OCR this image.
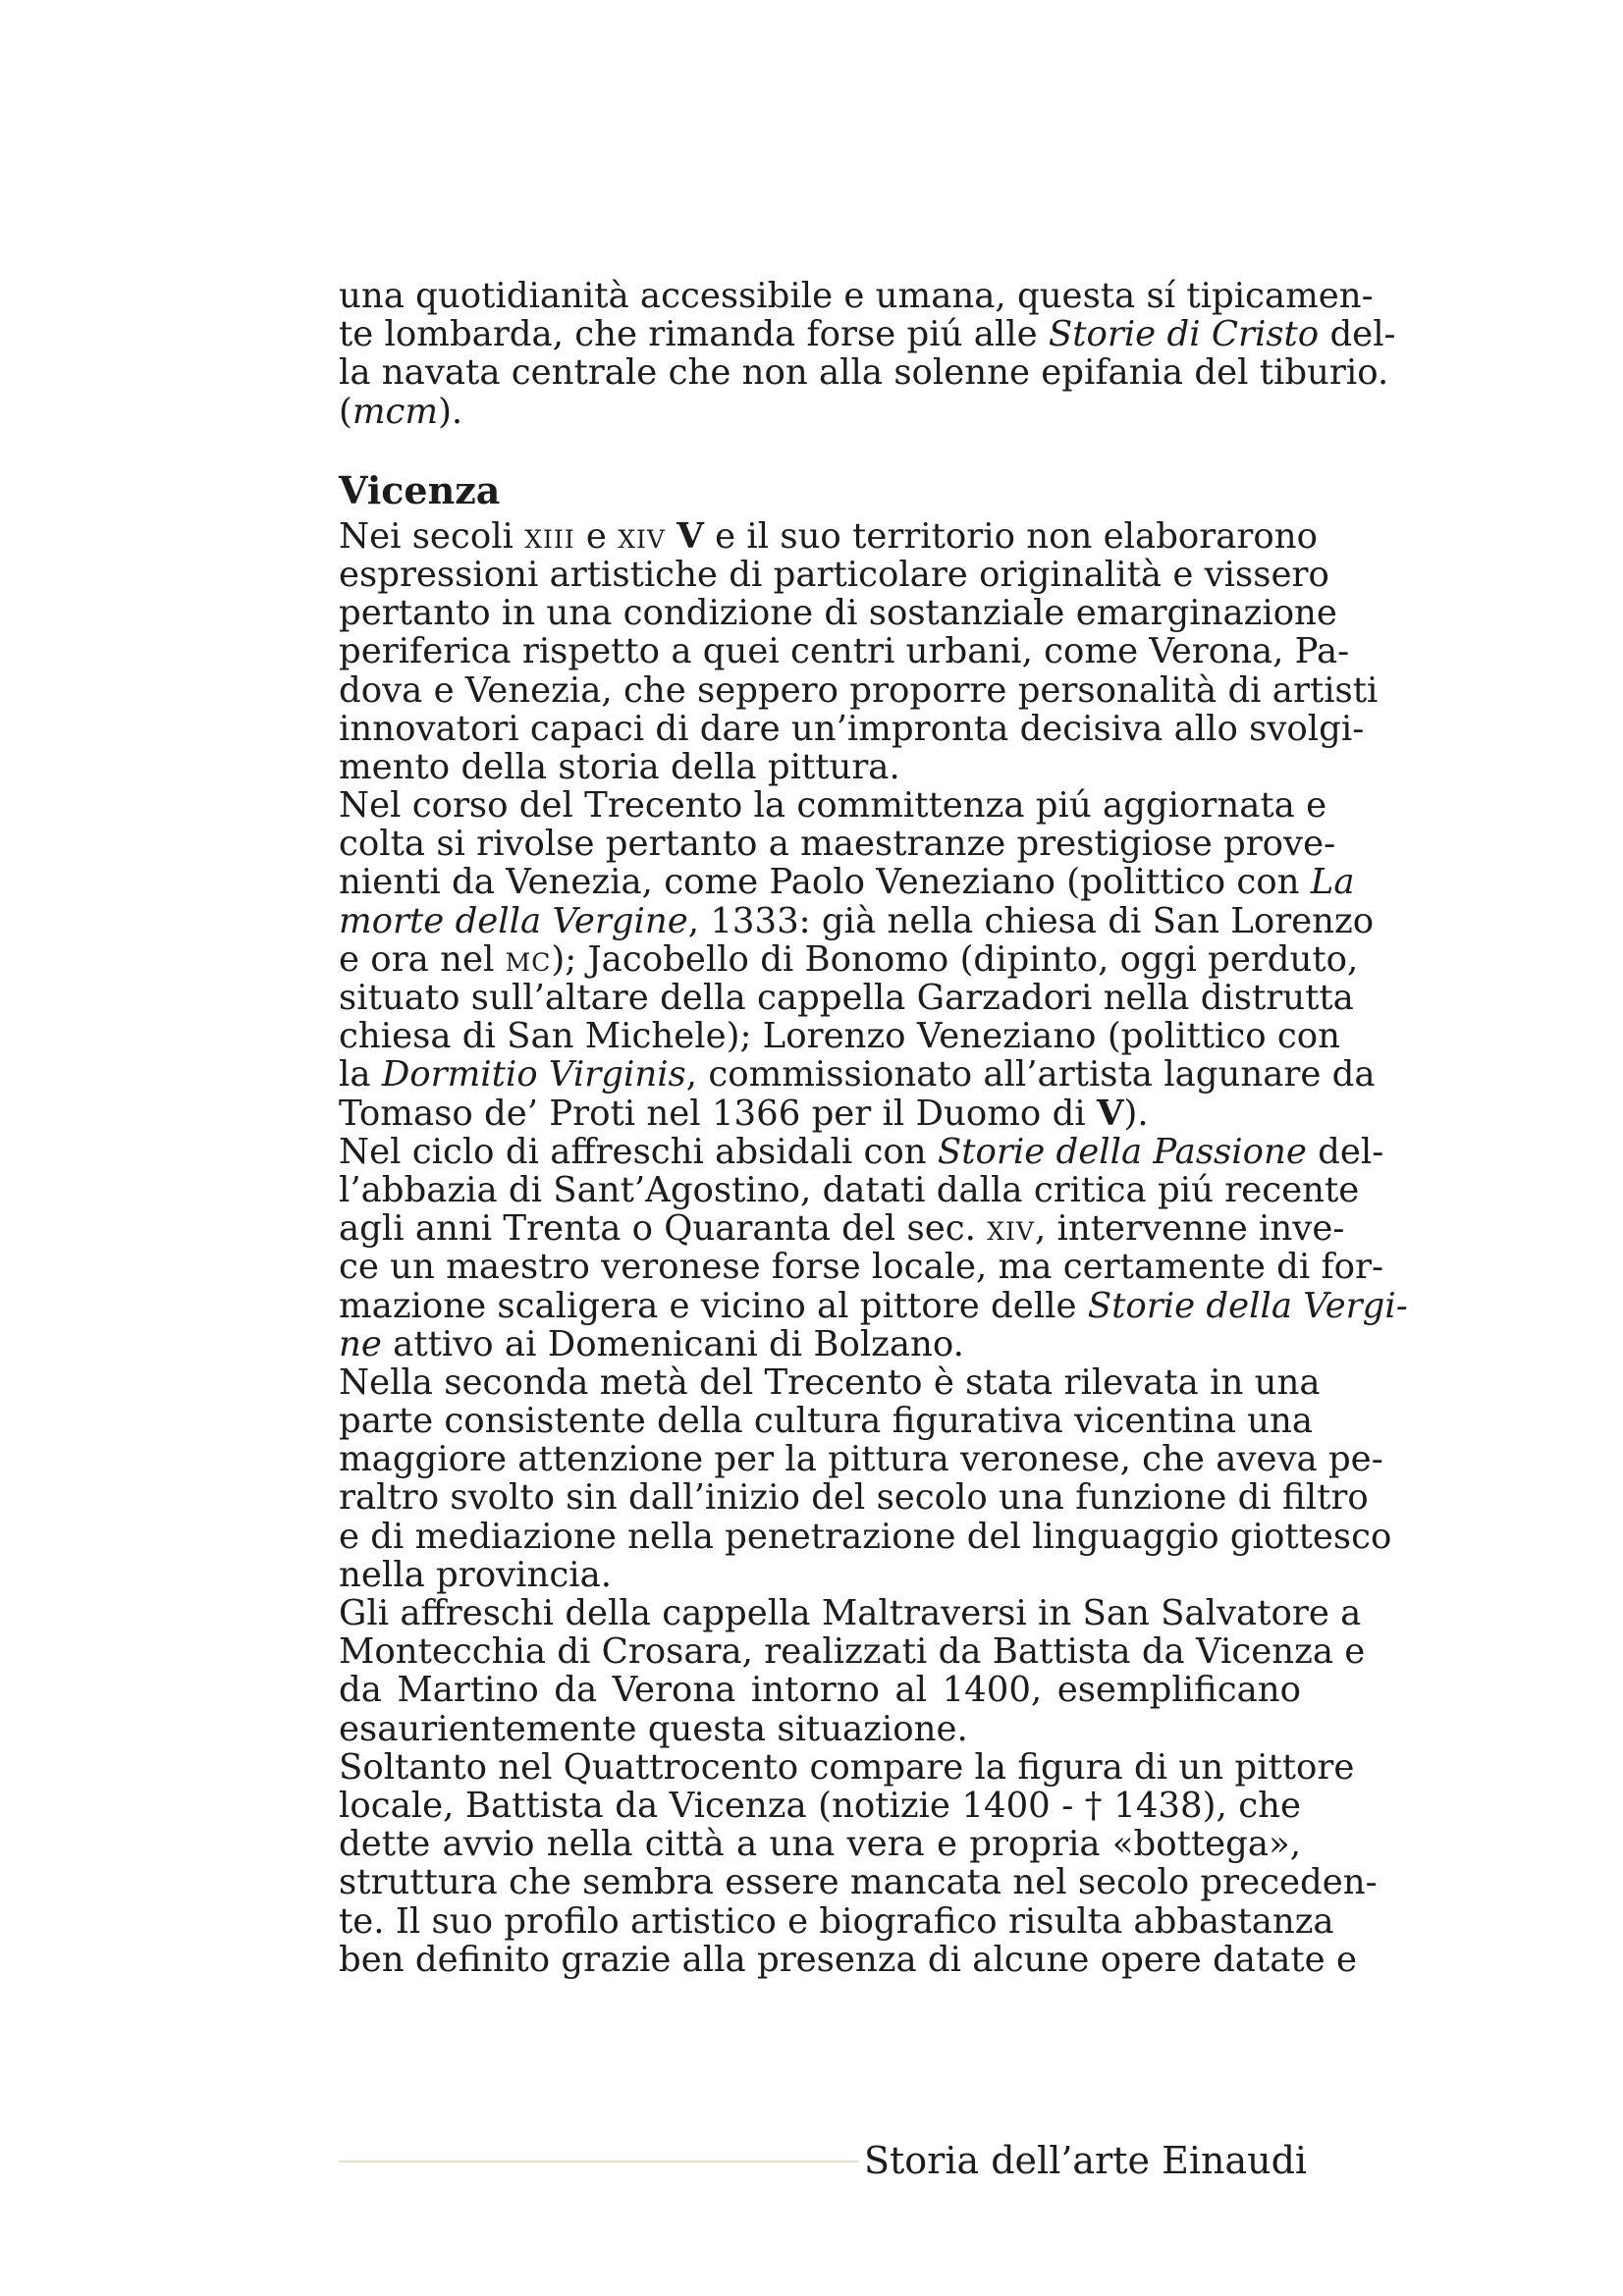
una quotidianità accessibile e umana, questa sí tipicamen-
te lombarda, che rimanda forse piú alle Storie di Cristo del-
la navata centrale che non alla solenne epifania del tiburio.
(mcm).
Vicenza
Nei secoli xiii e xiv V e il suo territorio non elaborarono
espressioni artistiche di particolare originalità e vissero
pertanto in una condizione di sostanziale emarginazione
periferica rispetto a quei centri urbani, come Verona, Pa-
dova e Venezia, che seppero proporre personalità di artisti
innovatori capaci di dare un’impronta decisiva allo svolgi-
mento della storia della pittura.
Nel corso del Trecento la committenza piú aggiornata e
colta si rivolse pertanto a maestranze prestigiose prove-
nienti da Venezia, come Paolo Veneziano (polittico con La
morte della Vergine, 1333: già nella chiesa di San Lorenzo
e ora nel mc); Jacobello di Bonomo (dipinto, oggi perduto,
situato sull’altare della cappella Garzadori nella distrutta
chiesa di San Michele); Lorenzo Veneziano (polittico con
la Dormitio Virginis, commissionato all’artista lagunare da
Tomaso de’ Proti nel 1366 per il Duomo di V).
Nel ciclo di affreschi absidali con Storie della Passione del-
l’abbazia di Sant’Agostino, datati dalla critica piú recente
agli anni Trenta o Quaranta del sec. xiv, intervenne inve-
ce un maestro veronese forse locale, ma certamente di for-
mazione scaligera e vicino al pittore delle Storie della Vergi-
ne attivo ai Domenicani di Bolzano.
Nella seconda metà del Trecento è stata rilevata in una
parte consistente della cultura figurativa vicentina una
maggiore attenzione per la pittura veronese, che aveva pe-
raltro svolto sin dall’inizio del secolo una funzione di filtro
e di mediazione nella penetrazione del linguaggio giottesco
nella provincia.
Gli affreschi della cappella Maltraversi in San Salvatore a
Montecchia di Crosara, realizzati da Battista da Vicenza e
da Martino da Verona intorno al 1400, esemplificano
esaurientemente questa situazione.
Soltanto nel Quattrocento compare la figura di un pittore
locale, Battista da Vicenza (notizie 1400 - † 1438), che
dette avvio nella città a una vera e propria «bottega»,
struttura che sembra essere mancata nel secolo preceden-
te. Il suo profilo artistico e biografico risulta abbastanza
ben definito grazie alla presenza di alcune opere datate e
Storia dell’arte Einaudi
